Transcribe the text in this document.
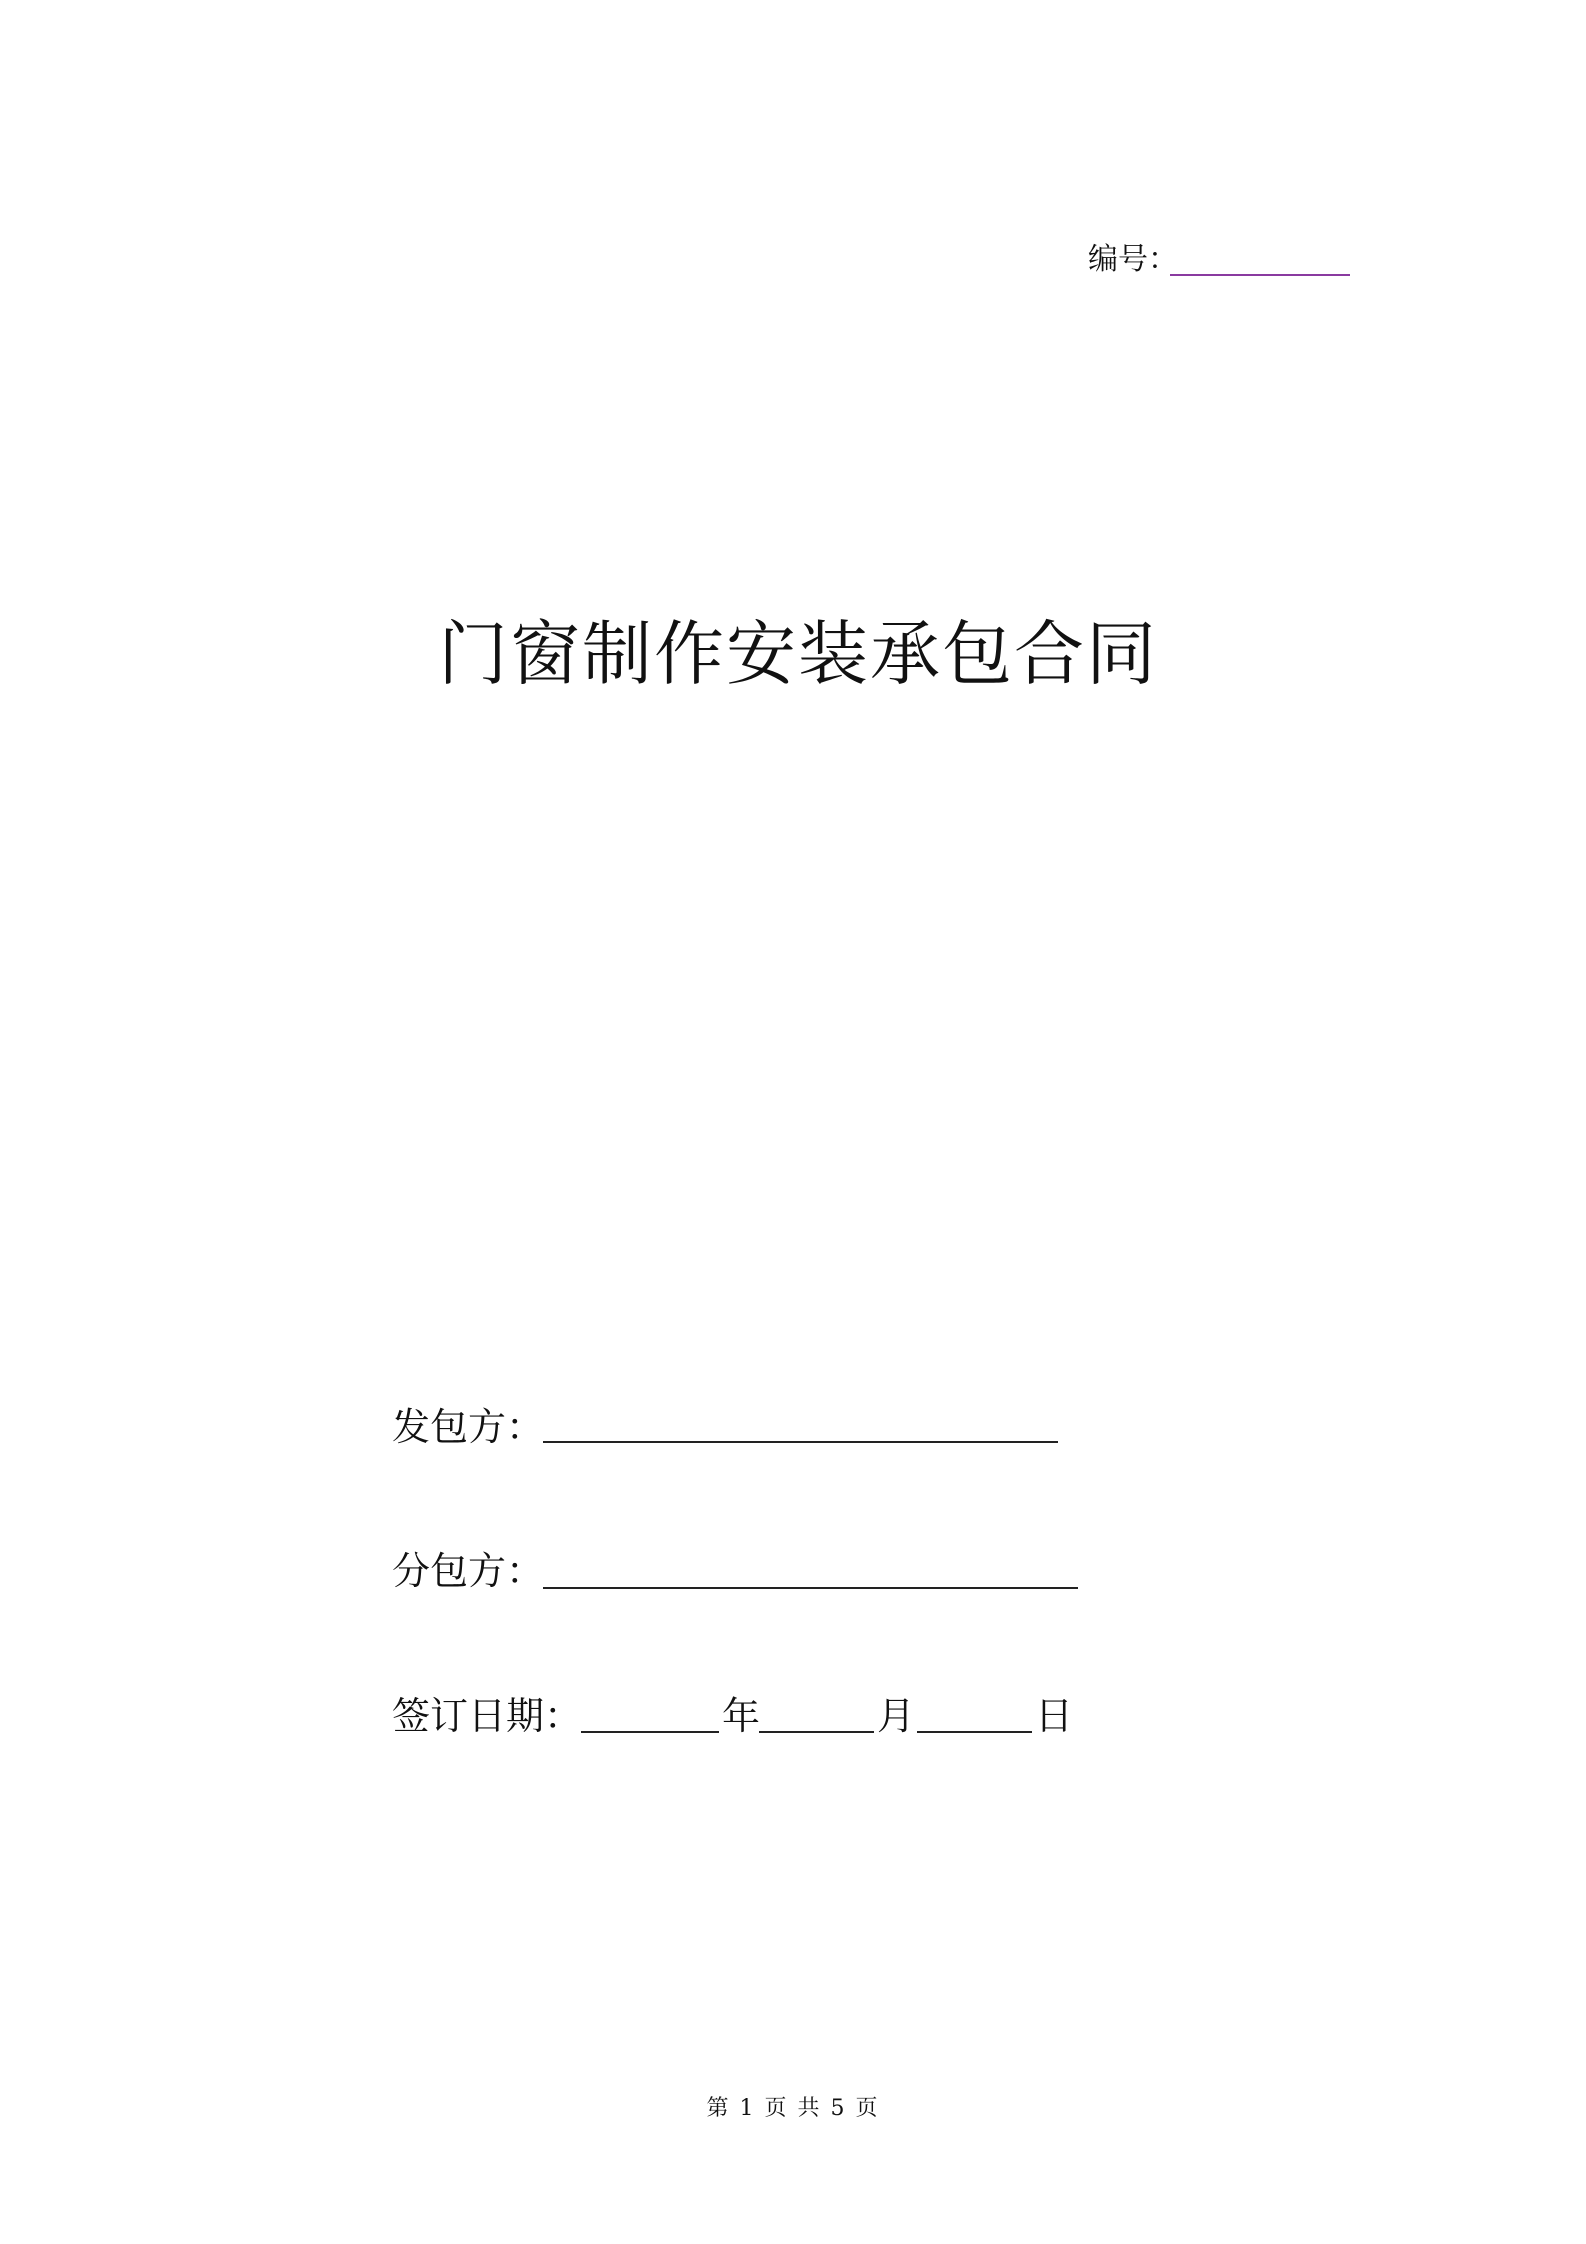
编号：
门窗制作安装承包合同
发包方：
分包方：
签订日期：	年	月	日
第 1 页 共 5 页
